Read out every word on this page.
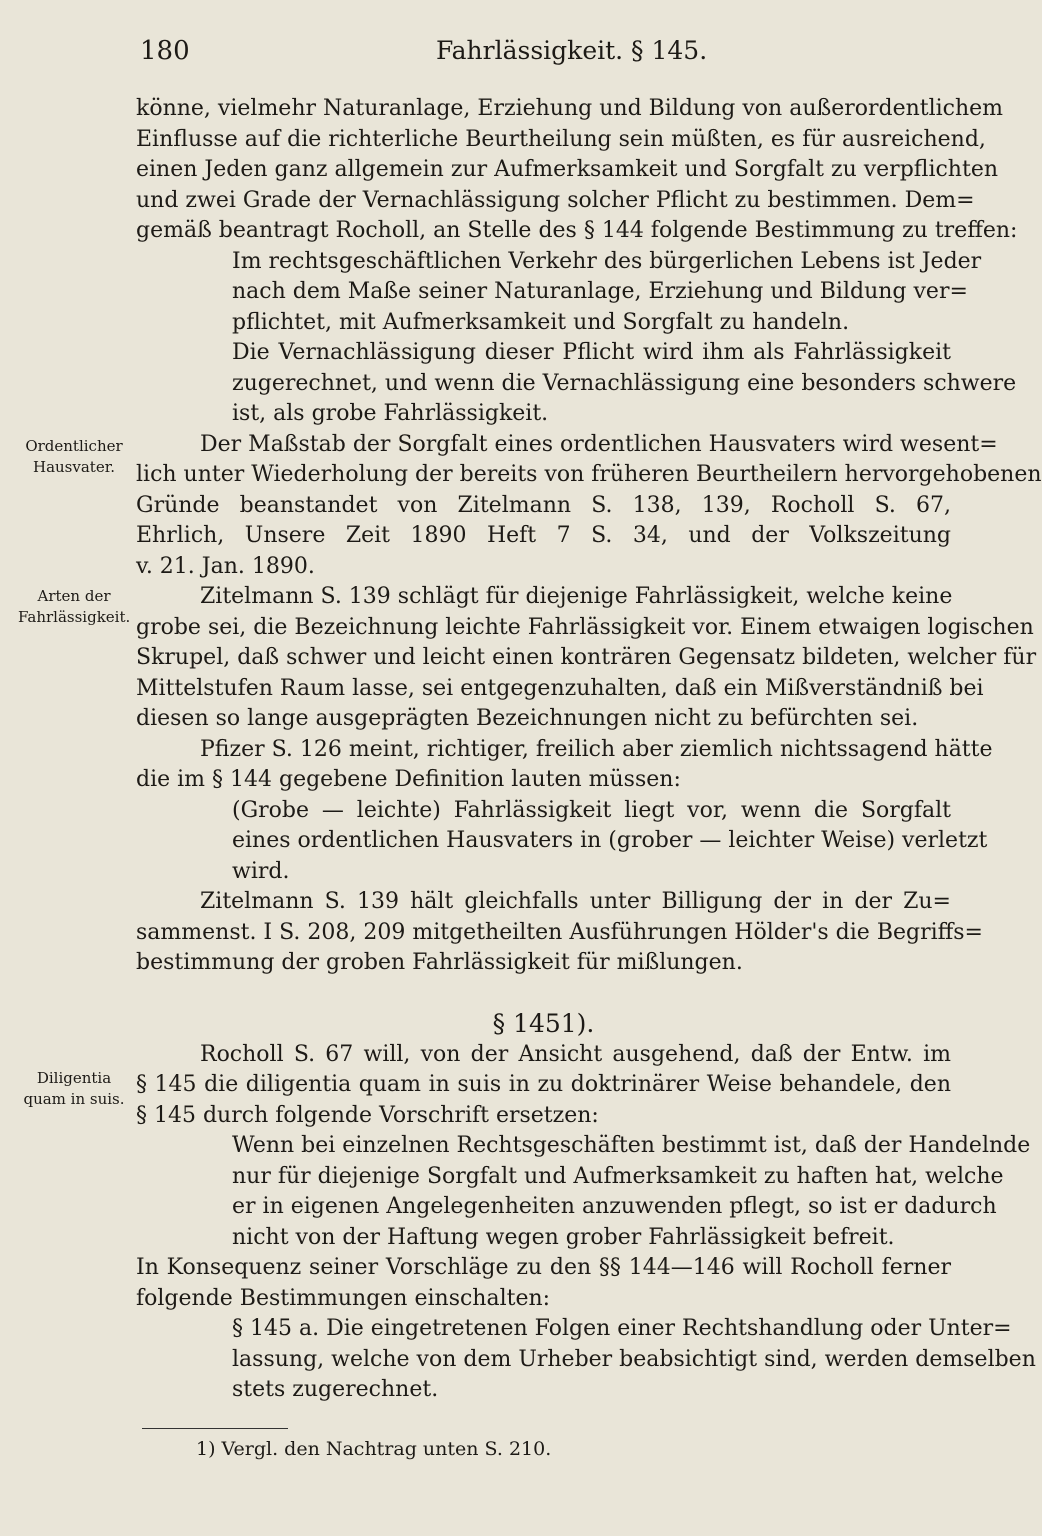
180	Fahrlässigkeit. § 145.
Ordentlicher Hausvater.
Arten der Fahrlässigkeit.
Diligentia quam in suis.
könne, vielmehr Naturanlage, Erziehung und Bildung von außerordentlichem
Einflusse auf die richterliche Beurtheilung sein müßten, es für ausreichend,
einen Jeden ganz allgemein zur Aufmerksamkeit und Sorgfalt zu verpflichten
und zwei Grade der Vernachlässigung solcher Pflicht zu bestimmen. Dem=
gemäß beantragt Rocholl, an Stelle des § 144 folgende Bestimmung zu treffen:
Im rechtsgeschäftlichen Verkehr des bürgerlichen Lebens ist Jeder
nach dem Maße seiner Naturanlage, Erziehung und Bildung ver=
pflichtet, mit Aufmerksamkeit und Sorgfalt zu handeln.
Die Vernachlässigung dieser Pflicht wird ihm als Fahrlässigkeit
zugerechnet, und wenn die Vernachlässigung eine besonders schwere
ist, als grobe Fahrlässigkeit.
Der Maßstab der Sorgfalt eines ordentlichen Hausvaters wird wesent=
lich unter Wiederholung der bereits von früheren Beurtheilern hervorgehobenen
Gründe beanstandet von Zitelmann S. 138, 139, Rocholl S. 67,
Ehrlich, Unsere Zeit 1890 Heft 7 S. 34, und der Volkszeitung
v. 21. Jan. 1890.
Zitelmann S. 139 schlägt für diejenige Fahrlässigkeit, welche keine
grobe sei, die Bezeichnung leichte Fahrlässigkeit vor. Einem etwaigen logischen
Skrupel, daß schwer und leicht einen konträren Gegensatz bildeten, welcher für
Mittelstufen Raum lasse, sei entgegenzuhalten, daß ein Mißverständniß bei
diesen so lange ausgeprägten Bezeichnungen nicht zu befürchten sei.
Pfizer S. 126 meint, richtiger, freilich aber ziemlich nichtssagend hätte
die im § 144 gegebene Definition lauten müssen:
(Grobe — leichte) Fahrlässigkeit liegt vor, wenn die Sorgfalt
eines ordentlichen Hausvaters in (grober — leichter Weise) verletzt
wird.
Zitelmann S. 139 hält gleichfalls unter Billigung der in der Zu=
sammenst. I S. 208, 209 mitgetheilten Ausführungen Hölder's die Begriffs=
bestimmung der groben Fahrlässigkeit für mißlungen.
§ 1451).
Rocholl S. 67 will, von der Ansicht ausgehend, daß der Entw. im
§ 145 die diligentia quam in suis in zu doktrinärer Weise behandele, den
§ 145 durch folgende Vorschrift ersetzen:
Wenn bei einzelnen Rechtsgeschäften bestimmt ist, daß der Handelnde
nur für diejenige Sorgfalt und Aufmerksamkeit zu haften hat, welche
er in eigenen Angelegenheiten anzuwenden pflegt, so ist er dadurch
nicht von der Haftung wegen grober Fahrlässigkeit befreit.
In Konsequenz seiner Vorschläge zu den §§ 144—146 will Rocholl ferner
folgende Bestimmungen einschalten:
§ 145 a. Die eingetretenen Folgen einer Rechtshandlung oder Unter=
lassung, welche von dem Urheber beabsichtigt sind, werden demselben
stets zugerechnet.
1) Vergl. den Nachtrag unten S. 210.
